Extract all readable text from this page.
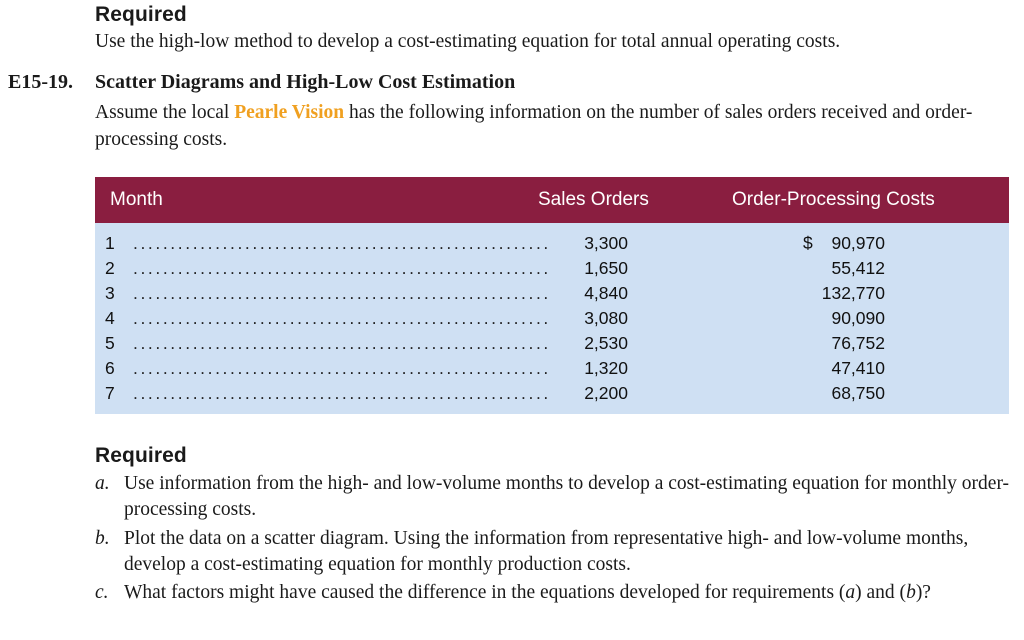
Required
Use the high-low method to develop a cost-estimating equation for total annual operating costs.
E15-19. Scatter Diagrams and High-Low Cost Estimation
Assume the local Pearle Vision has the following information on the number of sales orders received and order-processing costs.
Month	Sales Orders	Order-Processing Costs
1 ........................................................	3,300	$	90,970
2 ........................................................	1,650	55,412
3 ........................................................	4,840	132,770
4 ........................................................	3,080	90,090
5 ........................................................	2,530	76,752
6 ........................................................	1,320	47,410
7 ........................................................	2,200	68,750
Required
a. Use information from the high- and low-volume months to develop a cost-estimating equation for monthly order-processing costs.
b. Plot the data on a scatter diagram. Using the information from representative high- and low-volume months, develop a cost-estimating equation for monthly production costs.
c. What factors might have caused the difference in the equations developed for requirements (a) and (b)?
